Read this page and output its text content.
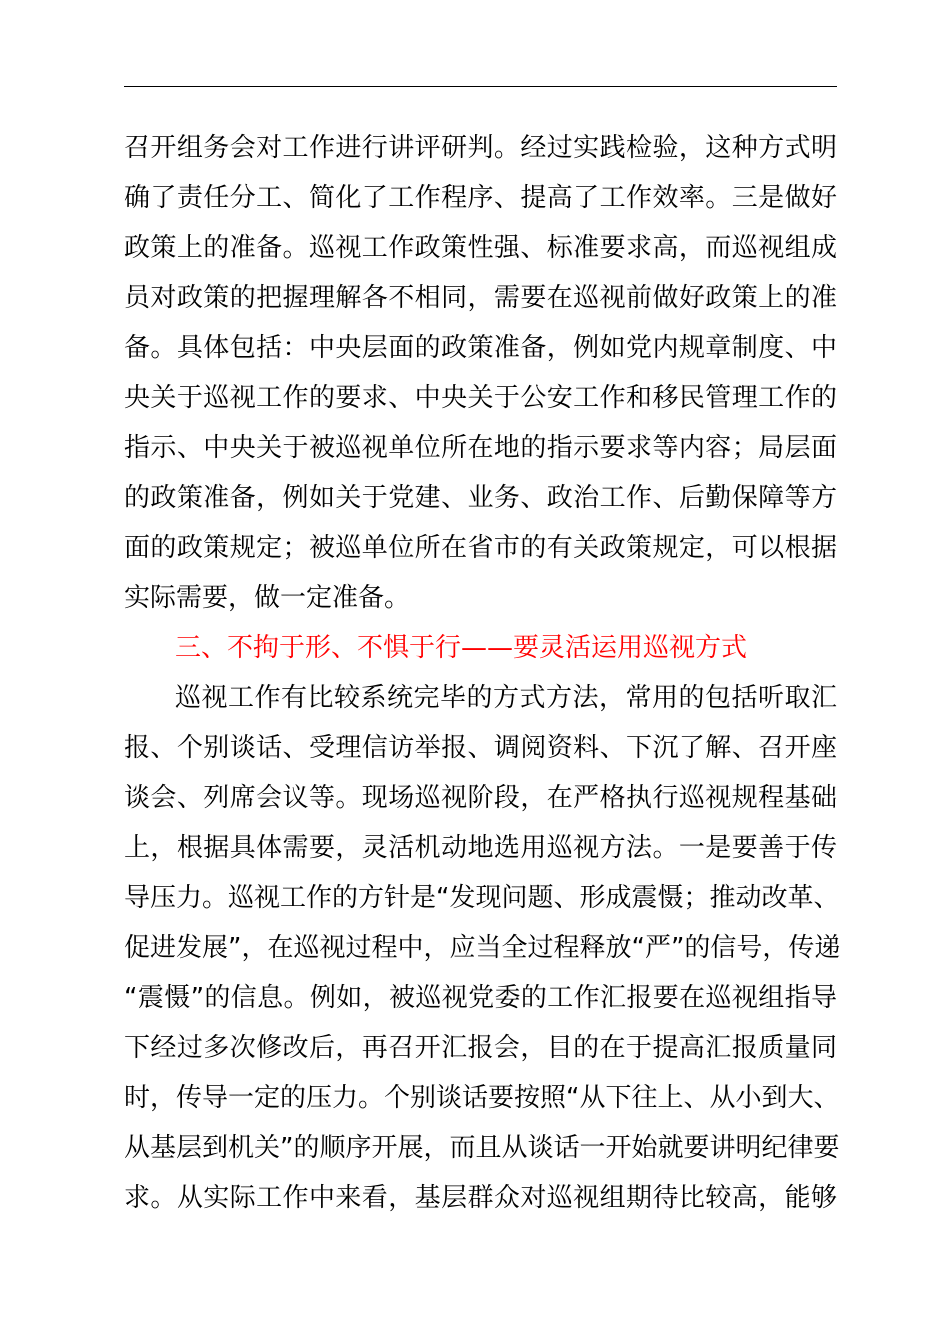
召开组务会对工作进行讲评研判。经过实践检验，这种方式明
确了责任分工、简化了工作程序、提高了工作效率。三是做好
政策上的准备。巡视工作政策性强、标准要求高，而巡视组成
员对政策的把握理解各不相同，需要在巡视前做好政策上的准
备。具体包括：中央层面的政策准备，例如党内规章制度、中
央关于巡视工作的要求、中央关于公安工作和移民管理工作的
指示、中央关于被巡视单位所在地的指示要求等内容；局层面
的政策准备，例如关于党建、业务、政治工作、后勤保障等方
面的政策规定；被巡单位所在省市的有关政策规定，可以根据
实际需要，做一定准备。
三、不拘于形、不惧于行——要灵活运用巡视方式
巡视工作有比较系统完毕的方式方法，常用的包括听取汇
报、个别谈话、受理信访举报、调阅资料、下沉了解、召开座
谈会、列席会议等。现场巡视阶段，在严格执行巡视规程基础
上，根据具体需要，灵活机动地选用巡视方法。一是要善于传
导压力。巡视工作的方针是“发现问题、形成震慑；推动改革、
促进发展”，在巡视过程中，应当全过程释放“严”的信号，传递
“震慑”的信息。例如，被巡视党委的工作汇报要在巡视组指导
下经过多次修改后，再召开汇报会，目的在于提高汇报质量同
时，传导一定的压力。个别谈话要按照“从下往上、从小到大、
从基层到机关”的顺序开展，而且从谈话一开始就要讲明纪律要
求。从实际工作中来看，基层群众对巡视组期待比较高，能够
